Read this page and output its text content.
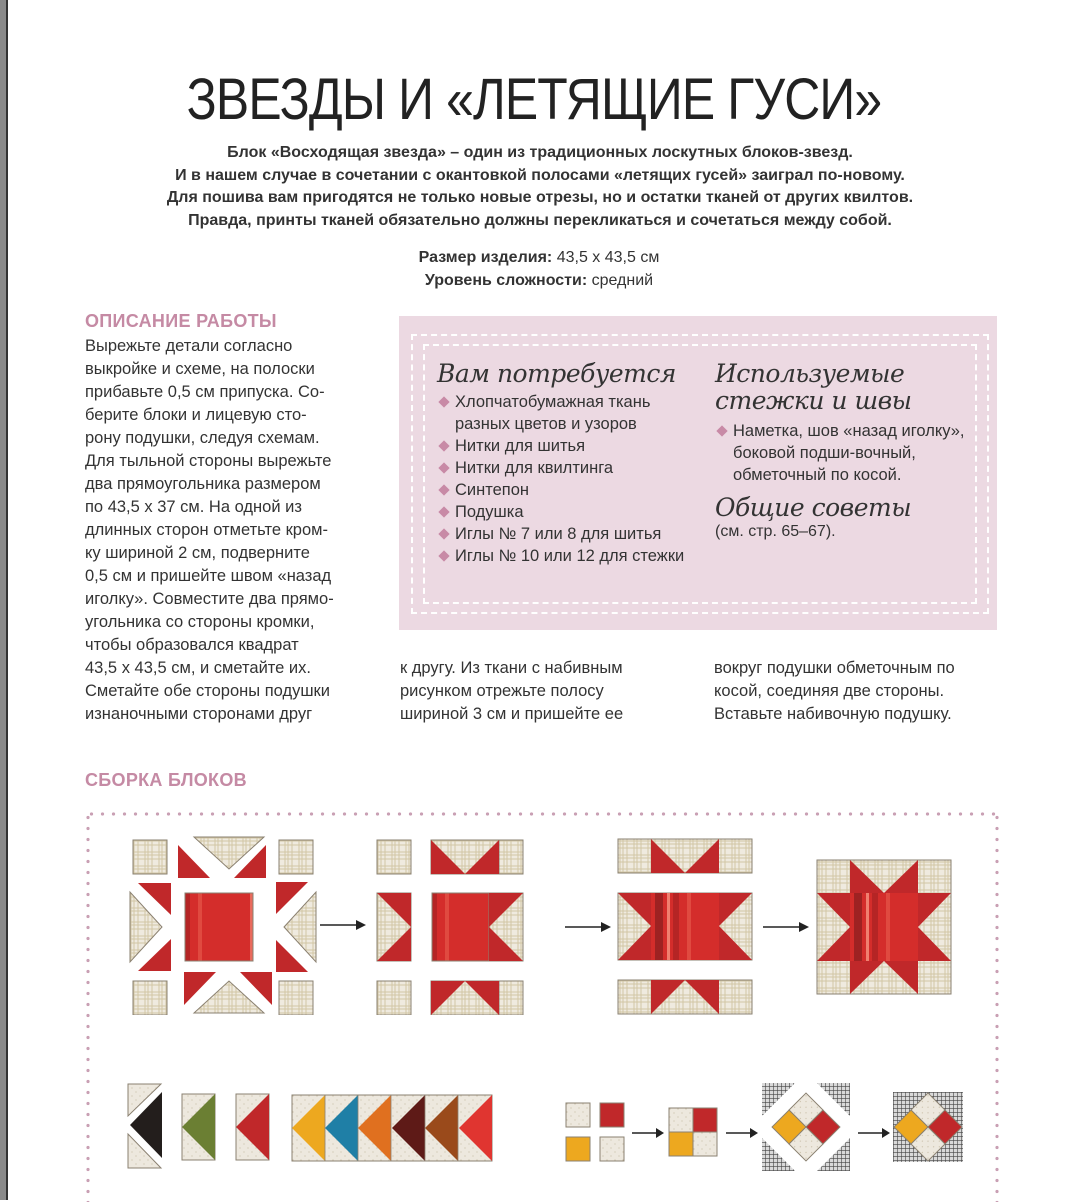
ЗВЕЗДЫ И «ЛЕТЯЩИЕ ГУСИ»
Блок «Восходящая звезда» – один из традиционных лоскутных блоков-звезд.
И в нашем случае в сочетании с окантовкой полосами «летящих гусей» заиграл по-новому.
Для пошива вам пригодятся не только новые отрезы, но и остатки тканей от других квилтов.
Правда, принты тканей обязательно должны перекликаться и сочетаться между собой.
Размер изделия: 43,5 х 43,5 см
Уровень сложности: средний
ОПИСАНИЕ РАБОТЫ

Вырежьте детали согласно

выкройке и схеме, на полоски

прибавьте 0,5 см припуска. Со-

берите блоки и лицевую сто-

рону подушки, следуя схемам.

Для тыльной стороны вырежьте

два прямоугольника размером

по 43,5 х 37 см. На одной из

длинных сторон отметьте кром-

ку шириной 2 см, подверните

0,5 см и пришейте швом «назад

иголку». Совместите два прямо-

угольника со стороны кромки,

чтобы образовался квадрат

43,5 х 43,5 см, и сметайте их.

Сметайте обе стороны подушки

изнаночными сторонами друг

к другу. Из ткани с набивным

рисунком отрежьте полосу

шириной 3 см и пришейте ее

вокруг подушки обметочным по

косой, соединяя две стороны.

Вставьте набивочную подушку.

Вам потребуется
Хлопчатобумажная ткань разных цветов и узоров
Нитки для шитья
Нитки для квилтинга
Синтепон
Подушка
Иглы № 7 или 8 для шитья
Иглы № 10 или 12 для стежки
Используемые
стежки и швы
Наметка, шов «назад иголку», боковой подши-вочный, обметочный по косой.
Общие советы
(см. стр. 65–67).
СБОРКА БЛОКОВ
